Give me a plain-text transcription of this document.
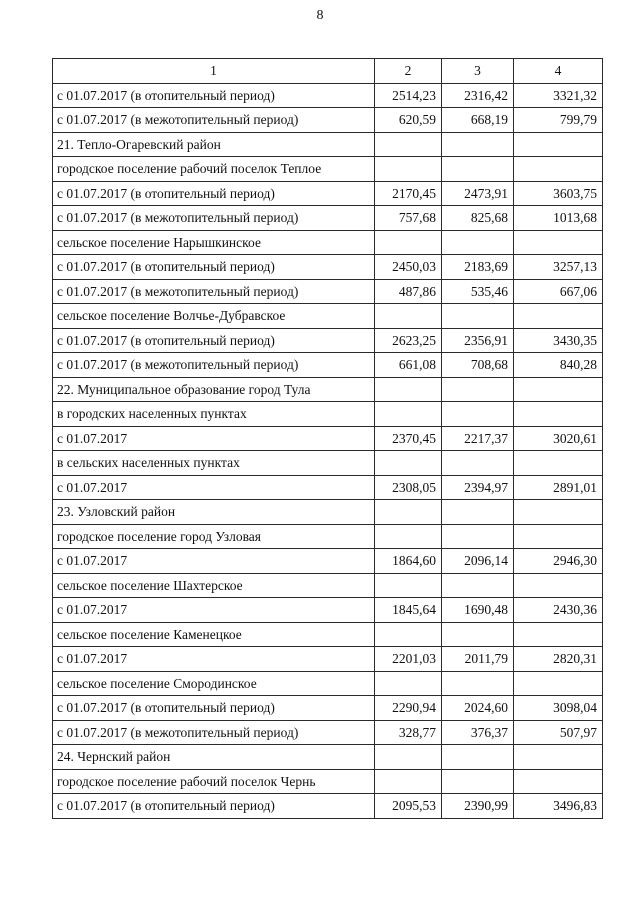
8
1	2	3	4
с 01.07.2017 (в отопительный период)	2514,23	2316,42	3321,32
с 01.07.2017 (в межотопительный период)	620,59	668,19	799,79
21. Тепло-Огаревский район			
городское поселение рабочий поселок Теплое			
с 01.07.2017 (в отопительный период)	2170,45	2473,91	3603,75
с 01.07.2017 (в межотопительный период)	757,68	825,68	1013,68
сельское поселение Нарышкинское			
с 01.07.2017 (в отопительный период)	2450,03	2183,69	3257,13
с 01.07.2017 (в межотопительный период)	487,86	535,46	667,06
сельское поселение Волчье-Дубравское			
с 01.07.2017 (в отопительный период)	2623,25	2356,91	3430,35
с 01.07.2017 (в межотопительный период)	661,08	708,68	840,28
22. Муниципальное образование город Тула			
в городских населенных пунктах			
с 01.07.2017	2370,45	2217,37	3020,61
в сельских населенных пунктах			
с 01.07.2017	2308,05	2394,97	2891,01
23. Узловский район			
городское поселение город Узловая			
с 01.07.2017	1864,60	2096,14	2946,30
сельское поселение Шахтерское			
с 01.07.2017	1845,64	1690,48	2430,36
сельское поселение Каменецкое			
с 01.07.2017	2201,03	2011,79	2820,31
сельское поселение Смородинское			
с 01.07.2017 (в отопительный период)	2290,94	2024,60	3098,04
с 01.07.2017 (в межотопительный период)	328,77	376,37	507,97
24. Чернский район			
городское поселение рабочий поселок Чернь			
с 01.07.2017 (в отопительный период)	2095,53	2390,99	3496,83
